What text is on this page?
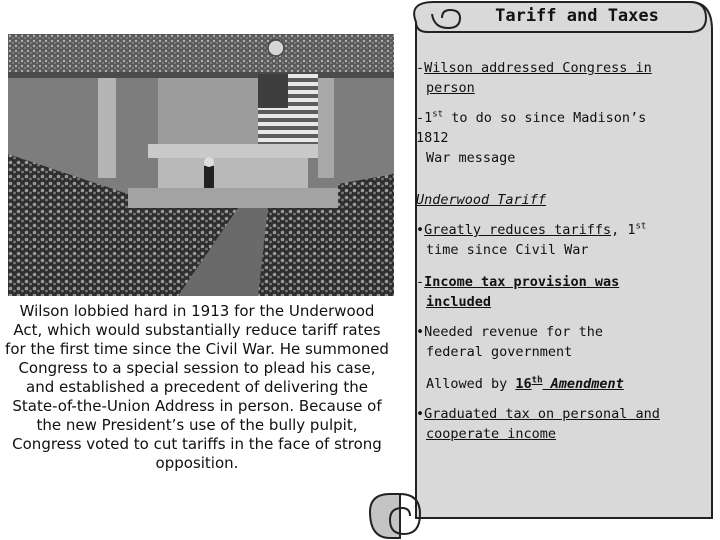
Wilson lobbied hard in 1913 for the Underwood Act, which would substantially reduce tariff rates for the first time since the Civil War. He summoned Congress to a special session to plead his case, and established a precedent of delivering the State-of-the-Union Address in person. Because of the new President’s use of the bully pulpit, Congress voted to cut tariffs in the face of strong opposition.

Tariff and Taxes

-Wilson addressed Congress in
person

-1st to do so since Madison’s 1812
War message

Underwood Tariff

•Greatly reduces tariffs, 1st
time since Civil War

-Income tax provision was
included

•Needed revenue for the
federal government

Allowed by 16th Amendment

•Graduated tax on personal and
cooperate income
